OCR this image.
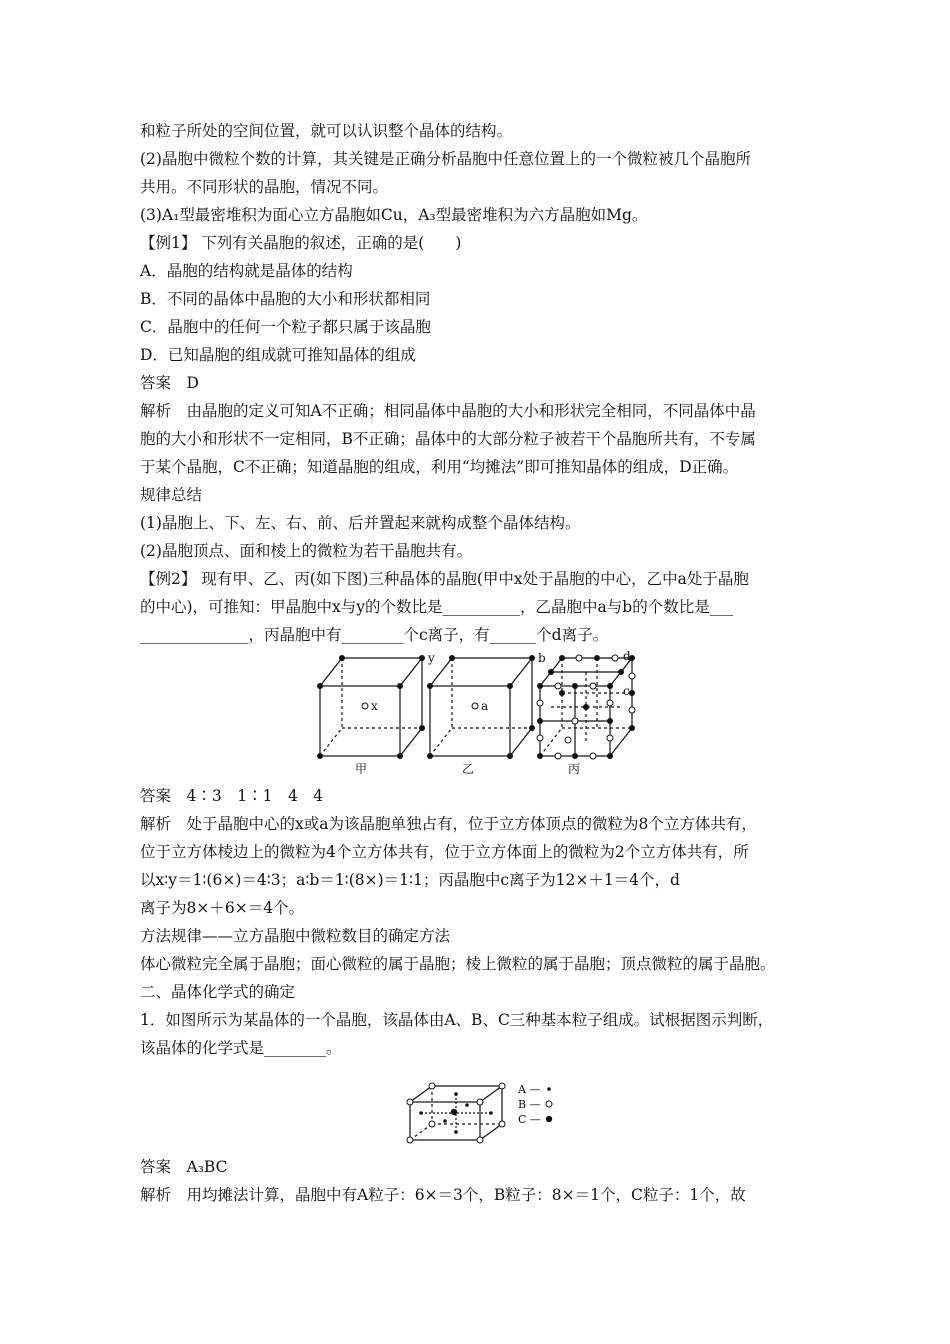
和粒子所处的空间位置，就可以认识整个晶体的结构。
(2)晶胞中微粒个数的计算，其关键是正确分析晶胞中任意位置上的一个微粒被几个晶胞所
共用。不同形状的晶胞，情况不同。
(3)A₁型最密堆积为面心立方晶胞如Cu，A₃型最密堆积为六方晶胞如Mg。
【例1】 下列有关晶胞的叙述，正确的是(　　)
A．晶胞的结构就是晶体的结构
B．不同的晶体中晶胞的大小和形状都相同
C．晶胞中的任何一个粒子都只属于该晶胞
D．已知晶胞的组成就可推知晶体的组成
答案　D
解析　由晶胞的定义可知A不正确；相同晶体中晶胞的大小和形状完全相同，不同晶体中晶
胞的大小和形状不一定相同，B不正确；晶体中的大部分粒子被若干个晶胞所共有，不专属
于某个晶胞，C不正确；知道晶胞的组成，利用“均摊法”即可推知晶体的组成，D正确。
规律总结
(1)晶胞上、下、左、右、前、后并置起来就构成整个晶体结构。
(2)晶胞顶点、面和棱上的微粒为若干晶胞共有。
【例2】 现有甲、乙、丙(如下图)三种晶体的晶胞(甲中x处于晶胞的中心，乙中a处于晶胞
的中心)，可推知：甲晶胞中x与y的个数比是__________，乙晶胞中a与b的个数比是___
______________，丙晶胞中有________个c离子，有______个d离子。
y
x
b
a
d
c
甲	乙	丙
答案　4∶3　1∶1　4　4
解析　处于晶胞中心的x或a为该晶胞单独占有，位于立方体顶点的微粒为8个立方体共有，
位于立方体棱边上的微粒为4个立方体共有，位于立方体面上的微粒为2个立方体共有，所
以x∶y＝1∶(6×)＝4∶3；a∶b＝1∶(8×)＝1∶1；丙晶胞中c离子为12×＋1＝4个，d
离子为8×＋6×＝4个。
方法规律——立方晶胞中微粒数目的确定方法
体心微粒完全属于晶胞；面心微粒的属于晶胞；棱上微粒的属于晶胞；顶点微粒的属于晶胞。
二、晶体化学式的确定
1．如图所示为某晶体的一个晶胞，该晶体由A、B、C三种基本粒子组成。试根据图示判断，
该晶体的化学式是________。
A —
B —
C —
答案　A₃BC
解析　用均摊法计算，晶胞中有A粒子：6×＝3个，B粒子：8×＝1个，C粒子：1个，故
